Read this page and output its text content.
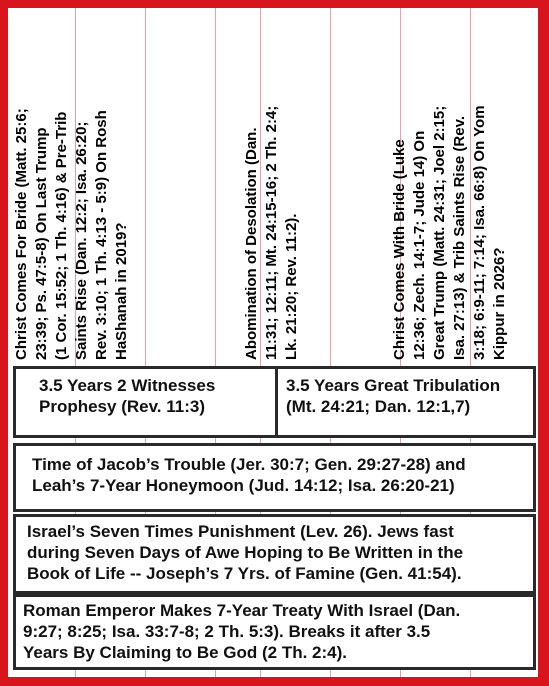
Christ Comes For Bride (Matt. 25:6; 23:39; Ps. 47:5-8) On Last Trump (1 Cor. 15:52; 1 Th. 4:16) & Pre-Trib Saints Rise (Dan. 12:2; Isa. 26:20; Rev. 3:10; 1 Th. 4:13 - 5:9) On Rosh HaShanah in 2019?	Abomination of Desolation (Dan. 11:31; 12:11; Mt. 24:15-16; 2 Th. 2:4; Lk. 21:20; Rev. 11:2).	Christ Comes With Bride (Luke 12:36; Zech. 14:1-7; Jude 14) On Great Trump (Matt. 24:31; Joel 2:15; Isa. 27:13) & Trib Saints Rise (Rev. 3:18; 6:9-11; 7:14; Isa. 66:8) On Yom Kippur in 2026?
3.5 Years 2 Witnesses
Prophesy (Rev. 11:3)
3.5 Years Great Tribulation
(Mt. 24:21; Dan. 12:1,7)
Time of Jacob’s Trouble (Jer. 30:7; Gen. 29:27-28) and
Leah’s 7-Year Honeymoon (Jud. 14:12; Isa. 26:20-21)
Israel’s Seven Times Punishment (Lev. 26). Jews fast
during Seven Days of Awe Hoping to Be Written in the
Book of Life -- Joseph’s 7 Yrs. of Famine (Gen. 41:54).
Roman Emperor Makes 7-Year Treaty With Israel (Dan.
9:27; 8:25; Isa. 33:7-8; 2 Th. 5:3). Breaks it after 3.5
Years By Claiming to Be God (2 Th. 2:4).
